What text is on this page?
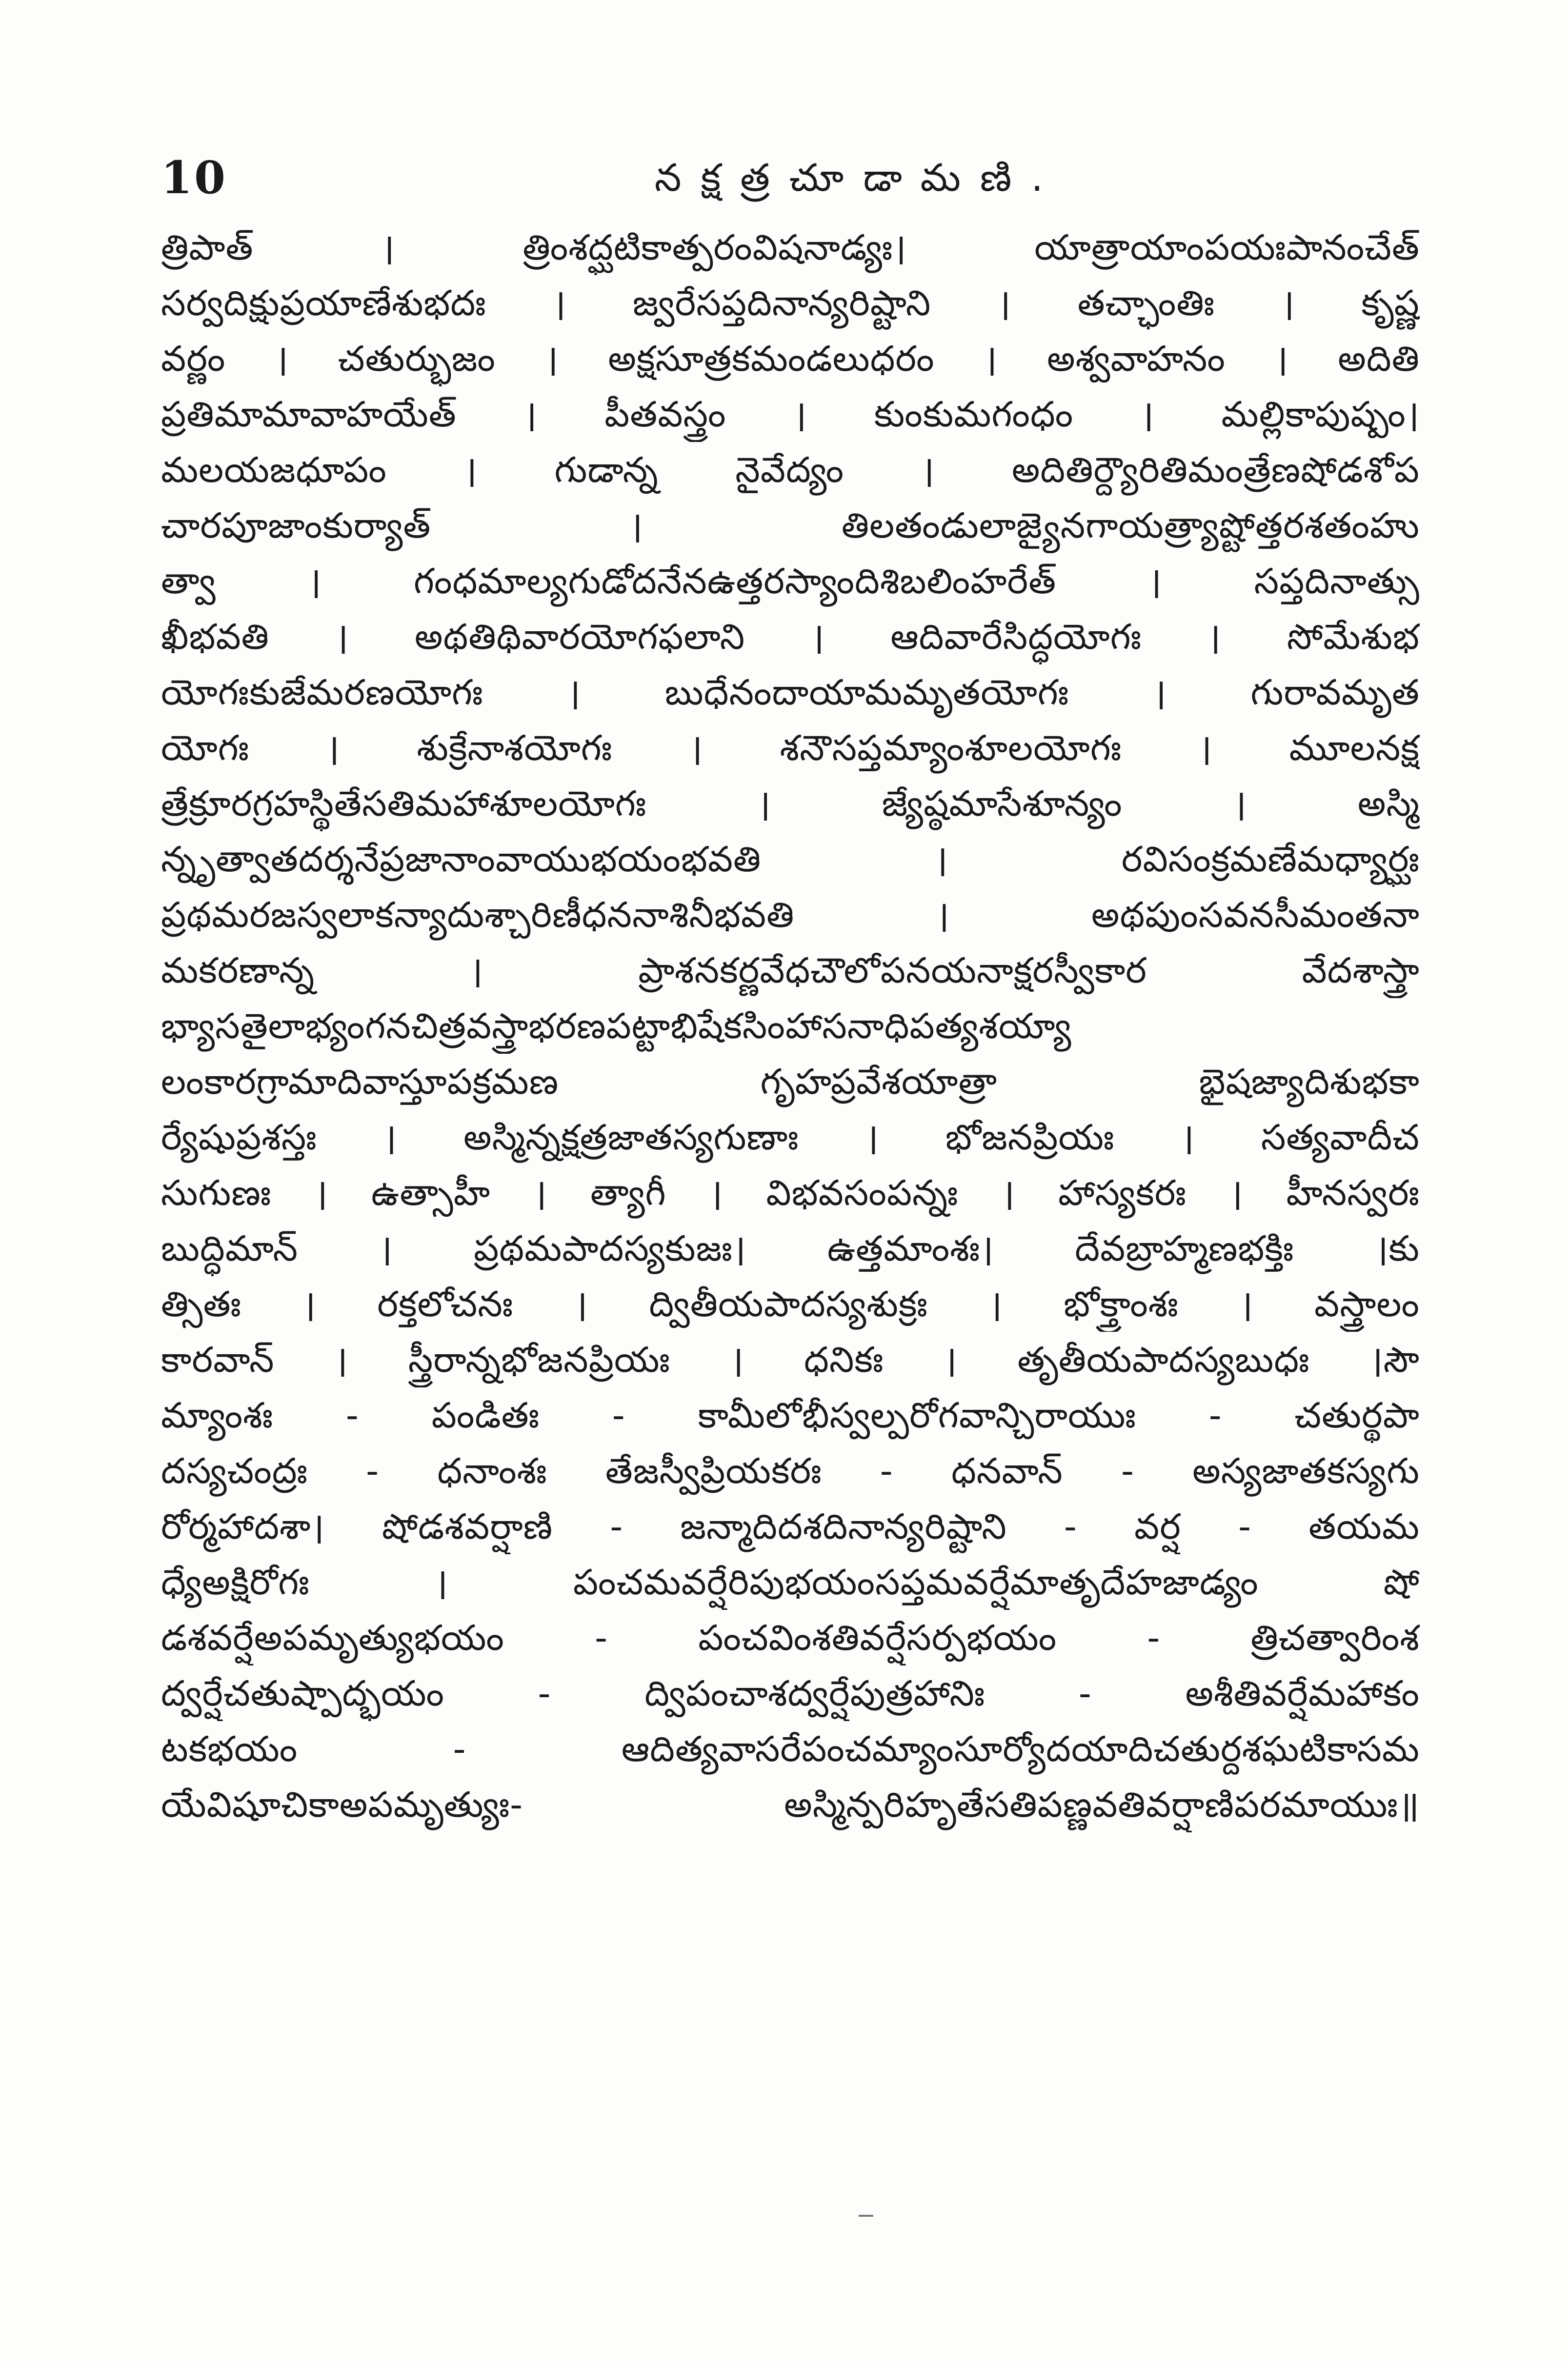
10	నక్షత్రచూడామణి.
త్రిపాత్ । త్రింశద్ఘటికాత్పరంవిషనాడ్యః। యాత్రాయాంపయఃపానంచేత్
సర్వదిక్షుప్రయాణేశుభదః । జ్వరేసప్తదినాన్యరిష్టాని । తచ్ఛాంతిః । కృష్ణ
వర్ణం । చతుర్భుజం । అక్షసూత్రకమండలుధరం । అశ్వవాహనం । అదితి
ప్రతిమామావాహయేత్ । పీతవస్త్రం । కుంకుమగంధం । మల్లికాపుష్పం।
మలయజధూపం । గుడాన్న నైవేద్యం । అదితిర్ద్యౌరితిమంత్రేణషోడశోప
చారపూజాంకుర్యాత్ । తిలతండులాజ్యైనగాయత్ర్యాష్టోత్తరశతంహు
త్వా । గంధమాల్యగుడోదనేనఉత్తరస్యాందిశిబలింహరేత్ । సప్తదినాత్సు
ఖీభవతి । అథతిథివారయోగఫలాని । ఆదివారేసిద్ధయోగః । సోమేశుభ
యోగఃకుజేమరణయోగః । బుధేనందాయామమృతయోగః । గురావమృత
యోగః । శుక్రేనాశయోగః । శనౌసప్తమ్యాంశూలయోగః । మూలనక్ష
త్రేక్రూరగ్రహస్థితేసతిమహాశూలయోగః । జ్యేష్ఠమాసేశూన్యం । అస్మి
న్నృత్వాతదర్శనేప్రజానాంవాయుభయంభవతి । రవిసంక్రమణేమధ్యార్ఘః
ప్రథమరజస్వలాకన్యాదుశ్చారిణీధననాశినీభవతి । అథపుంసవనసీమంతనా
మకరణాన్న । ప్రాశనకర్ణవేధచౌలోపనయనాక్షరస్వీకార వేదశాస్త్రా
భ్యాసతైలాభ్యంగనచిత్రవస్త్రాభరణపట్టాభిషేకసింహాసనాధిపత్యశయ్యా
లంకారగ్రామాదివాస్తూపక్రమణ గృహప్రవేశయాత్రా భైషజ్యాదిశుభకా
ర్యేషుప్రశస్తః । అస్మిన్నక్షత్రజాతస్యగుణాః । భోజనప్రియః । సత్యవాదీచ
సుగుణః । ఉత్సాహీ । త్యాగీ । విభవసంపన్నః । హాస్యకరః । హీనస్వరః
బుద్ధిమాన్ । ప్రథమపాదస్యకుజః। ఉత్తమాంశః। దేవబ్రాహ్మణభక్తిః ।కు
త్సితః । రక్తలోచనః । ద్వితీయపాదస్యశుక్రః । భోక్త్రాంశః । వస్త్రాలం
కారవాన్ । స్త్రీరాన్నభోజనప్రియః । ధనికః । తృతీయపాదస్యబుధః ।సౌ
మ్యాంశః - పండితః - కామీలోభీస్వల్పరోగవాన్చిరాయుః - చతుర్థపా
దస్యచంద్రః - ధనాంశః తేజస్వీప్రియకరః - ధనవాన్ - అస్యజాతకస్యగు
రోర్మహాదశా। షోడశవర్షాణి - జన్మాదిదశదినాన్యరిష్టాని - వర్ష - తయమ
ధ్యేఅక్షిరోగః । పంచమవర్షేరిపుభయంసప్తమవర్షేమాతృదేహజాడ్యం షో
డశవర్షేఅపమృత్యుభయం - పంచవింశతివర్షేసర్పభయం - త్రిచత్వారింశ
ద్వర్షేచతుష్పాద్భయం - ద్విపంచాశద్వర్షేపుత్రహానిః - అశీతివర్షేమహాకం
టకభయం - ఆదిత్యవాసరేపంచమ్యాంసూర్యోదయాదిచతుర్దశఘటికాసమ
యేవిషూచికాఅపమృత్యుః- అస్మిన్పరిహృతేసతిపణ్ణవతివర్షాణిపరమాయుః॥
